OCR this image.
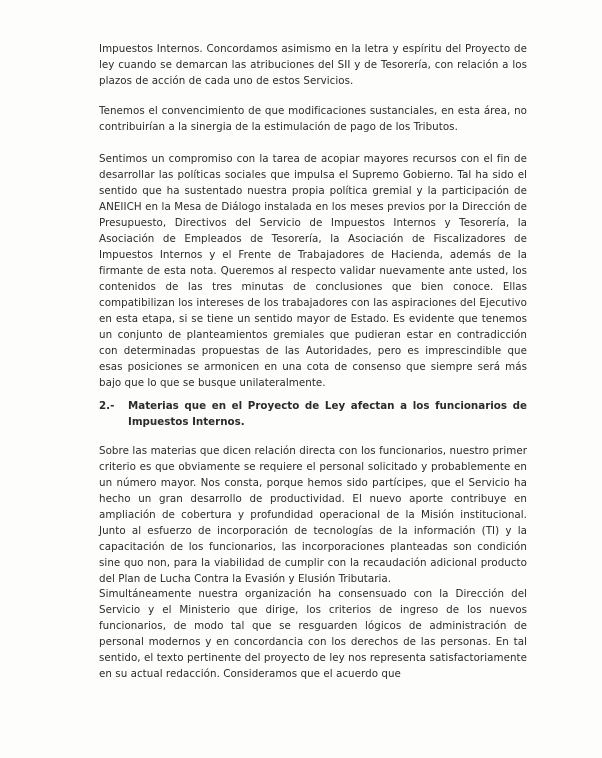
Impuestos Internos. Concordamos asimismo en la letra y espíritu del Proyecto de ley cuando se demarcan las atribuciones del SII y de Tesorería, con relación a los plazos de acción de cada uno de estos Servicios.

Tenemos el convencimiento de que modificaciones sustanciales, en esta área, no contribuirían a la sinergia de la estimulación de pago de los Tributos.

Sentimos un compromiso con la tarea de acopiar mayores recursos con el fin de desarrollar las políticas sociales que impulsa el Supremo Gobierno. Tal ha sido el sentido que ha sustentado nuestra propia política gremial y la participación de ANEIICH en la Mesa de Diálogo instalada en los meses previos por la Dirección de Presupuesto, Directivos del Servicio de Impuestos Internos y Tesorería, la Asociación de Empleados de Tesorería, la Asociación de Fiscalizadores de Impuestos Internos y el Frente de Trabajadores de Hacienda, además de la firmante de esta nota. Queremos al respecto validar nuevamente ante usted, los contenidos de las tres minutas de conclusiones que bien conoce. Ellas compatibilizan los intereses de los trabajadores con las aspiraciones del Ejecutivo en esta etapa, si se tiene un sentido mayor de Estado. Es evidente que tenemos un conjunto de planteamientos gremiales que pudieran estar en contradicción con determinadas propuestas de las Autoridades, pero es imprescindible que esas posiciones se armonicen en una cota de consenso que siempre será más bajo que lo que se busque unilateralmente.

2.- Materias que en el Proyecto de Ley afectan a los funcionarios de Impuestos Internos.

Sobre las materias que dicen relación directa con los funcionarios, nuestro primer criterio es que obviamente se requiere el personal solicitado y probablemente en un número mayor. Nos consta, porque hemos sido partícipes, que el Servicio ha hecho un gran desarrollo de productividad. El nuevo aporte contribuye en ampliación de cobertura y profundidad operacional de la Misión institucional. Junto al esfuerzo de incorporación de tecnologías de la información (TI) y la capacitación de los funcionarios, las incorporaciones planteadas son condición sine quo non, para la viabilidad de cumplir con la recaudación adicional producto del Plan de Lucha Contra la Evasión y Elusión Tributaria.

Simultáneamente nuestra organización ha consensuado con la Dirección del Servicio y el Ministerio que dirige, los criterios de ingreso de los nuevos funcionarios, de modo tal que se resguarden lógicos de administración de personal modernos y en concordancia con los derechos de las personas. En tal sentido, el texto pertinente del proyecto de ley nos representa satisfactoriamente en su actual redacción. Consideramos que el acuerdo que
